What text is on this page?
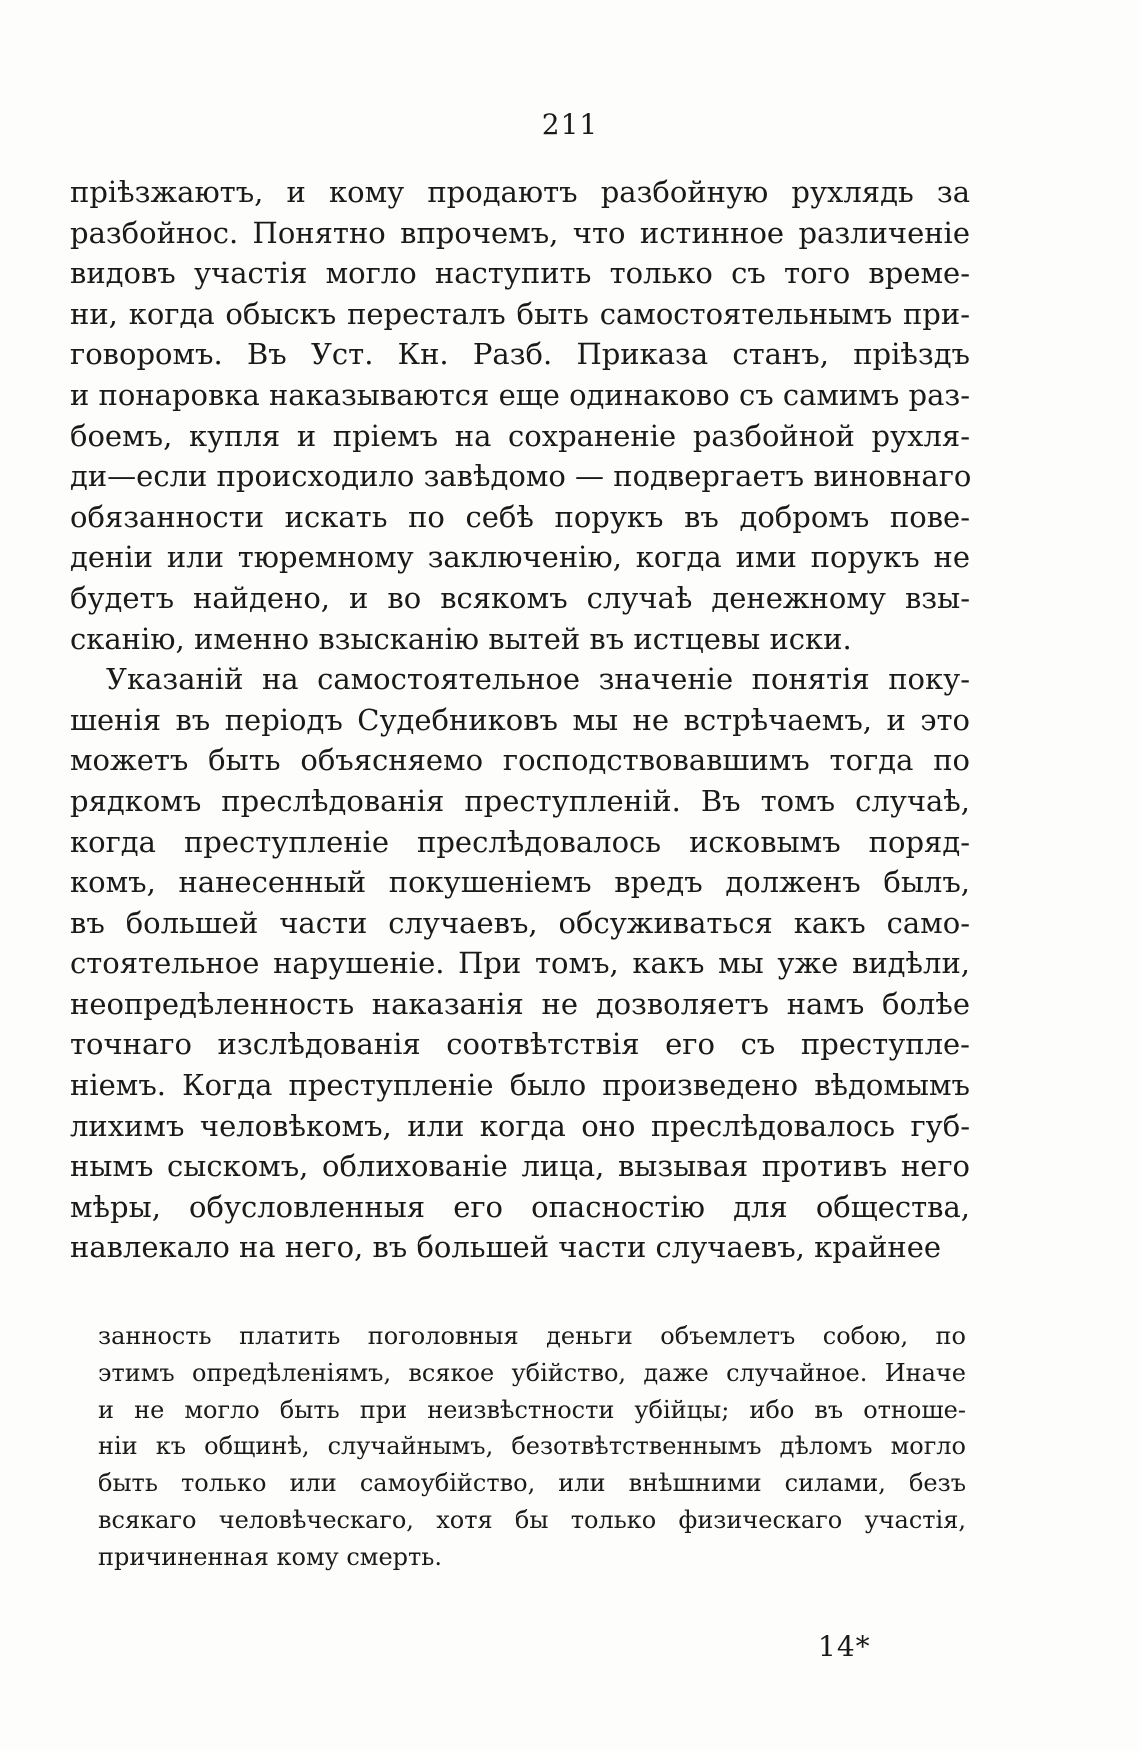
211
прiѣзжаютъ, и кому продаютъ разбойную рухлядь за
разбойнос. Понятно впрочемъ, что истинное различенiе
видовъ участiя могло наступить только съ того време-
ни, когда обыскъ пересталъ быть самостоятельнымъ при-
говоромъ. Въ Уст. Кн. Разб. Приказа станъ, прiѣздъ
и понаровка наказываются еще одинаково съ самимъ раз-
боемъ, купля и прiемъ на сохраненiе разбойной рухля-
ди—если происходило завѣдомо — подвергаетъ виновнаго
обязанности искать по себѣ порукъ въ добромъ пове-
денiи или тюремному заключенiю, когда ими порукъ не
будетъ найдено, и во всякомъ случаѣ денежному взы-
сканiю, именно взысканiю вытей въ истцевы иски.
Указанiй на самостоятельное значенiе понятiя поку-
шенiя въ перiодъ Судебниковъ мы не встрѣчаемъ, и это
можетъ быть объясняемо господствовавшимъ тогда по
рядкомъ преслѣдованiя преступленiй. Въ томъ случаѣ,
когда преступленiе преслѣдовалось исковымъ поряд-
комъ, нанесенный покушенiемъ вредъ долженъ былъ,
въ большей части случаевъ, обсуживаться какъ само-
стоятельное нарушенiе. При томъ, какъ мы уже видѣли,
неопредѣленность наказанiя не дозволяетъ намъ болѣе
точнаго изслѣдованiя соотвѣтствiя его съ преступле-
нiемъ. Когда преступленiе было произведено вѣдомымъ
лихимъ человѣкомъ, или когда оно преслѣдовалось губ-
нымъ сыскомъ, облихованiе лица, вызывая противъ него
мѣры, обусловленныя его опасностiю для общества,
навлекало на него, въ большей части случаевъ, крайнее
занность платить поголовныя деньги объемлетъ собою, по
этимъ опредѣленiямъ, всякое убiйство, даже случайное. Иначе
и не могло быть при неизвѣстности убiйцы; ибо въ отноше-
нiи къ общинѣ, случайнымъ, безотвѣтственнымъ дѣломъ могло
быть только или самоубiйство, или внѣшними силами, безъ
всякаго человѣческаго, хотя бы только физическаго участiя,
причиненная кому смерть.
14*
